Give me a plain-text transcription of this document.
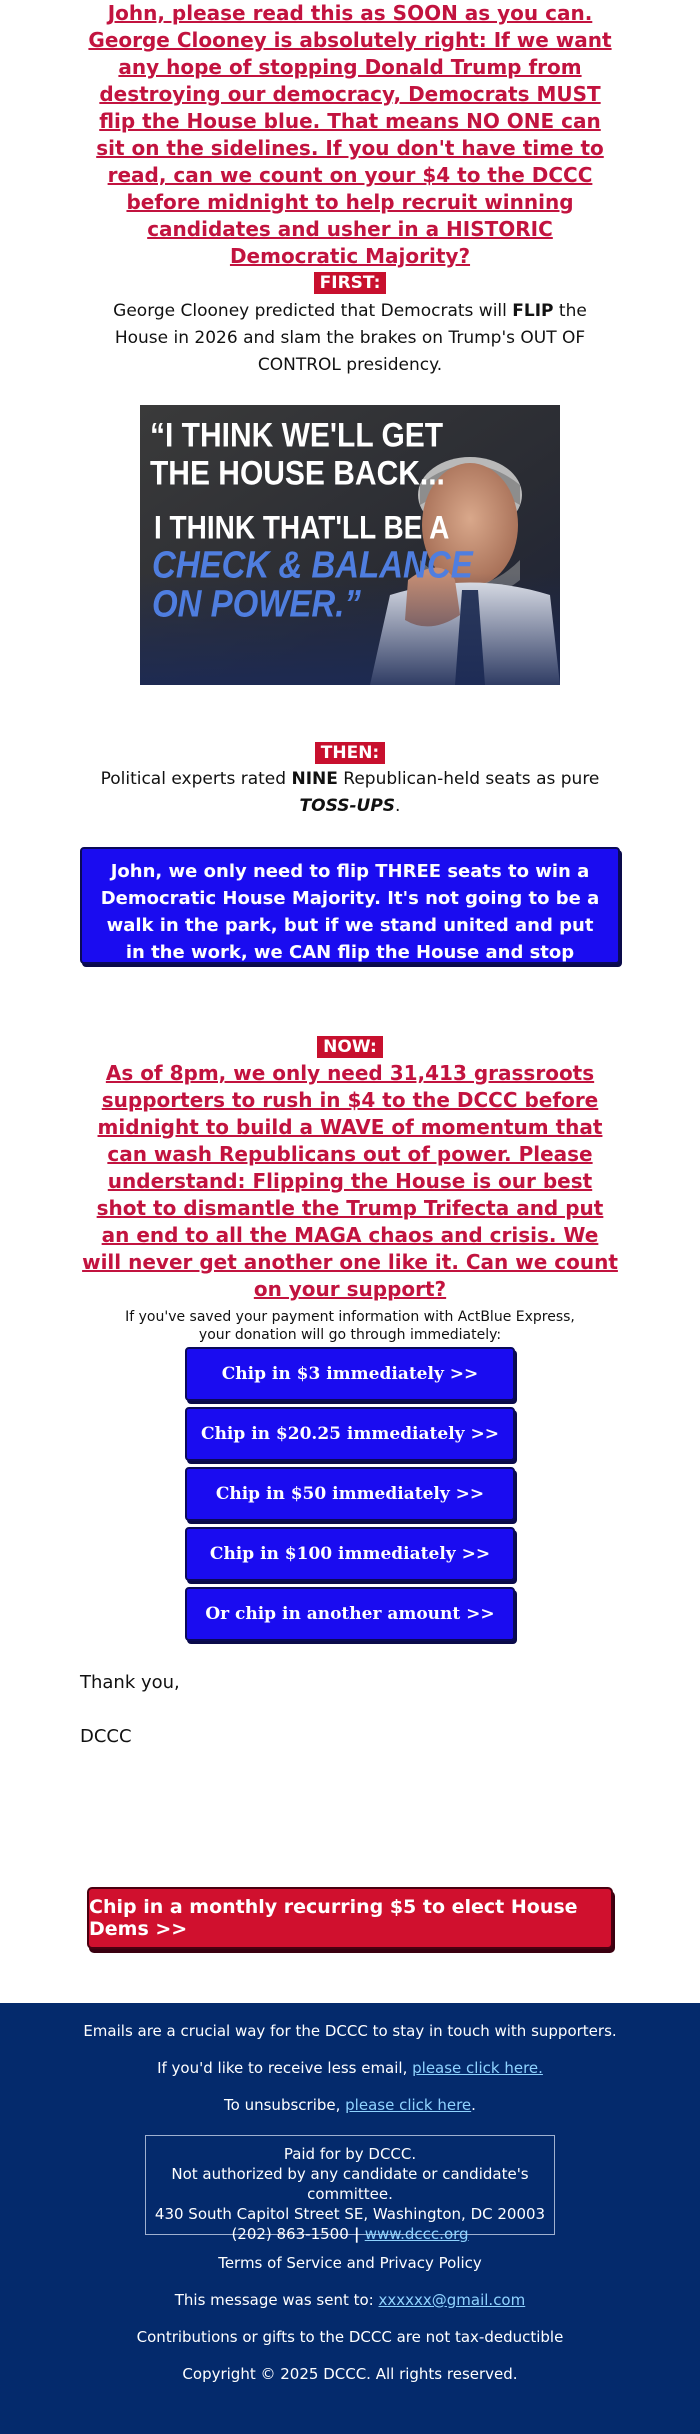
John, please read this as SOON as you can. George Clooney is absolutely right: If we want any hope of stopping Donald Trump from destroying our democracy, Democrats MUST flip the House blue. That means NO ONE can sit on the sidelines. If you don't have time to read, can we count on your $4 to the DCCC before midnight to help recruit winning candidates and usher in a HISTORIC Democratic Majority?
FIRST:
George Clooney predicted that Democrats will FLIP the House in 2026 and slam the brakes on Trump's OUT OF CONTROL presidency.
“I THINK WE'LL GET
THE HOUSE BACK...
I THINK THAT'LL BE A
CHECK & BALANCE
ON POWER.”
THEN:
Political experts rated NINE Republican-held seats as pure TOSS-UPS.
John, we only need to flip THREE seats to win a Democratic House Majority. It's not going to be a walk in the park, but if we stand united and put in the work, we CAN flip the House and stop Trump's DISASTROUS agenda.
NOW:
As of 8pm, we only need 31,413 grassroots supporters to rush in $4 to the DCCC before midnight to build a WAVE of momentum that can wash Republicans out of power. Please understand: Flipping the House is our best shot to dismantle the Trump Trifecta and put an end to all the MAGA chaos and crisis. We will never get another one like it. Can we count on your support?
If you've saved your payment information with ActBlue Express,
your donation will go through immediately:
Chip in $3 immediately >>
Chip in $20.25 immediately >>
Chip in $50 immediately >>
Chip in $100 immediately >>
Or chip in another amount >>
Thank you,
DCCC
Chip in a monthly recurring $5 to elect House Dems >>
Emails are a crucial way for the DCCC to stay in touch with supporters.
If you'd like to receive less email, please click here.
To unsubscribe, please click here.
Paid for by DCCC.
Not authorized by any candidate or candidate's committee.
430 South Capitol Street SE, Washington, DC 20003
(202) 863-1500 | www.dccc.org
Terms of Service and Privacy Policy
This message was sent to: xxxxxx@gmail.com
Contributions or gifts to the DCCC are not tax-deductible
Copyright © 2025 DCCC. All rights reserved.
